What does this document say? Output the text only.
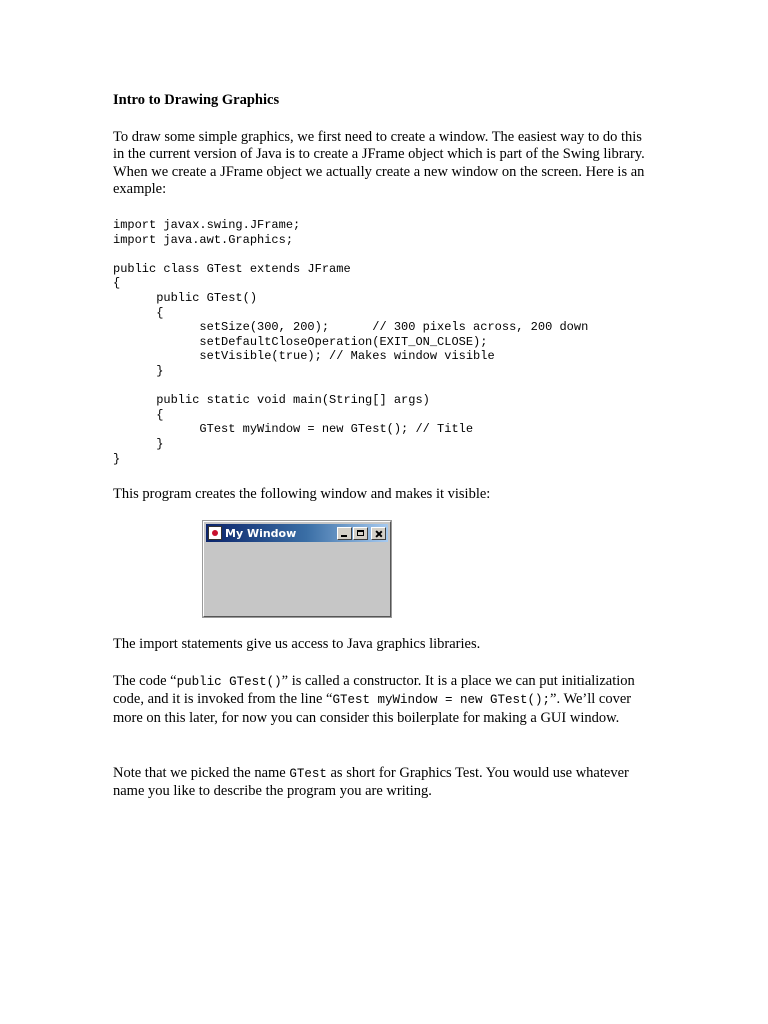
Intro to Drawing Graphics

To draw some simple graphics, we first need to create a window. The easiest way to do this in the current version of Java is to create a JFrame object which is part of the Swing library. When we create a JFrame object we actually create a new window on the screen. Here is an example:

import javax.swing.JFrame;
import java.awt.Graphics;

public class GTest extends JFrame
{
public GTest()
{
setSize(300, 200);      // 300 pixels across, 200 down
setDefaultCloseOperation(EXIT_ON_CLOSE);
setVisible(true); // Makes window visible
}

public static void main(String[] args)
{
GTest myWindow = new GTest(); // Title
}
}

This program creates the following window and makes it visible:

My Window

The import statements give us access to Java graphics libraries.

The code “public GTest()” is called a constructor. It is a place we can put initialization code, and it is invoked from the line “GTest myWindow = new GTest();”. We’ll cover more on this later, for now you can consider this boilerplate for making a GUI window.

Note that we picked the name GTest as short for Graphics Test. You would use whatever name you like to describe the program you are writing.
